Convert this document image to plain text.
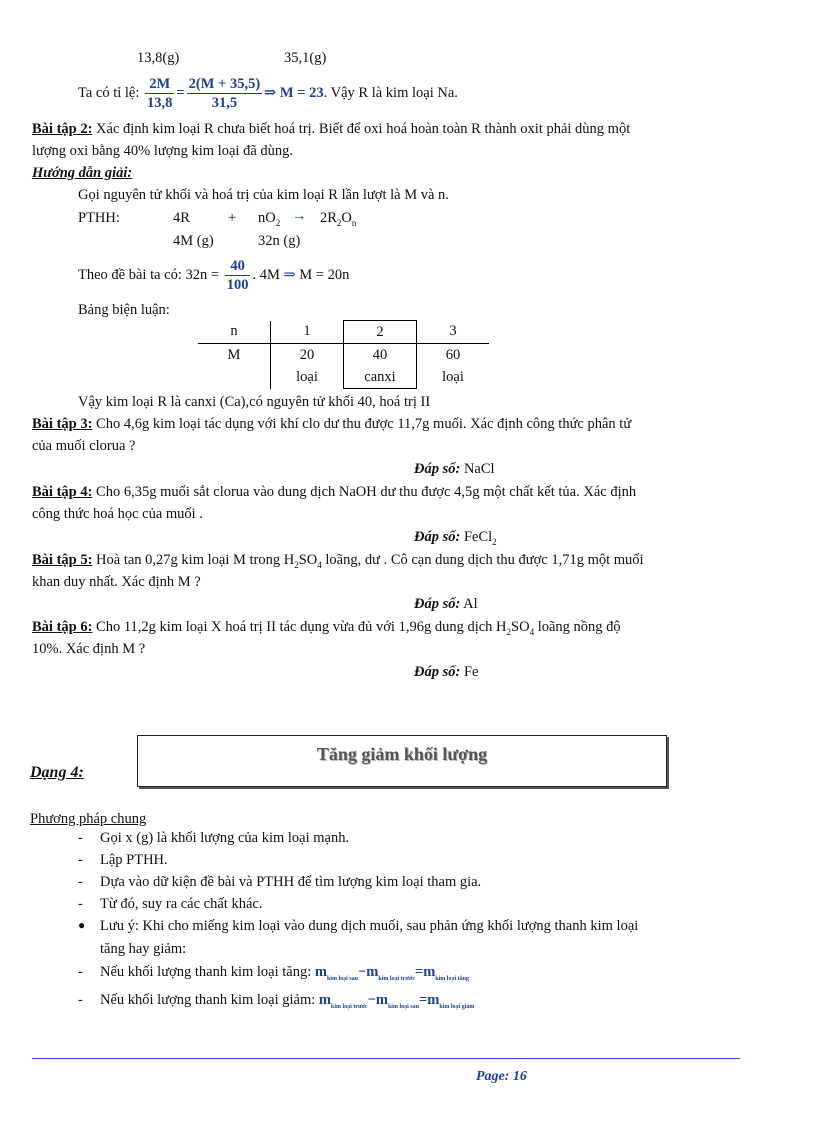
13,8(g)	35,1(g)
Ta có tỉ lệ: $\frac{2M}{13,8} = \frac{2(M + 35,5)}{31,5}$ ⇒ M = 23. Vậy R là kim loại Na.
Bài tập 2: Xác định kim loại R chưa biết hoá trị. Biết để oxi hoá hoàn toàn R thành oxit phải dùng một
lượng oxi bằng 40% lượng kim loại đã dùng.
Hướng dẫn giải:
Gọi nguyên tử khối và hoá trị của kim loại R lần lượt là M và n.
PTHH:	4R	+ $nO_2 \to 2R_2O_n$
4M (g)	32n (g)
Theo đề bài ta có: $32n = \frac{40}{100}$ . 4M ⇒ M = 20n
Bảng biện luận:
n	1	2	3
M	20	40	60
	loại	canxi	loại
Vậy kim loại R là canxi (Ca),có nguyên tử khối 40, hoá trị II
Bài tập 3: Cho 4,6g kim loại tác dụng với khí clo dư thu được 11,7g muối. Xác định công thức phân tử
của muối clorua ?
Đáp số: NaCl
Bài tập 4: Cho 6,35g muối sắt clorua vào dung dịch NaOH dư thu được 4,5g một chất kết tủa. Xác định
công thức hoá học của muối .
Đáp số: FeCl$_2$
Bài tập 5: Hoà tan 0,27g kim loại M trong $H_2SO_4$ loãng, dư . Cô cạn dung dịch thu được 1,71g một muối
khan duy nhất. Xác định M ?
Đáp số: Al
Bài tập 6: Cho 11,2g kim loại X hoá trị II tác dụng vừa đủ với 1,96g dung dịch $H_2SO_4$ loãng nồng độ
10%. Xác định M ?
Đáp số: Fe
Dạng 4:
Tăng giảm khối lượng
Phương pháp chung
- Gọi x (g) là khối lượng của kim loại mạnh.
- Lập PTHH.
- Dựa vào dữ kiện đề bài và PTHH để tìm lượng kim loại tham gia.
- Từ đó, suy ra các chất khác.
● Lưu ý: Khi cho miếng kim loại vào dung dịch muối, sau phản ứng khối lượng thanh kim loại
tăng hay giảm:
- Nếu khối lượng thanh kim loại tăng: $m_{kim loại sau}-m_{kim loại trước}=m_{kim loại tăng}$
- Nếu khối lượng thanh kim loại giảm: $m_{kim loại trước}-m_{kim loại sau}=m_{kim loại giảm}$
Page: 16
